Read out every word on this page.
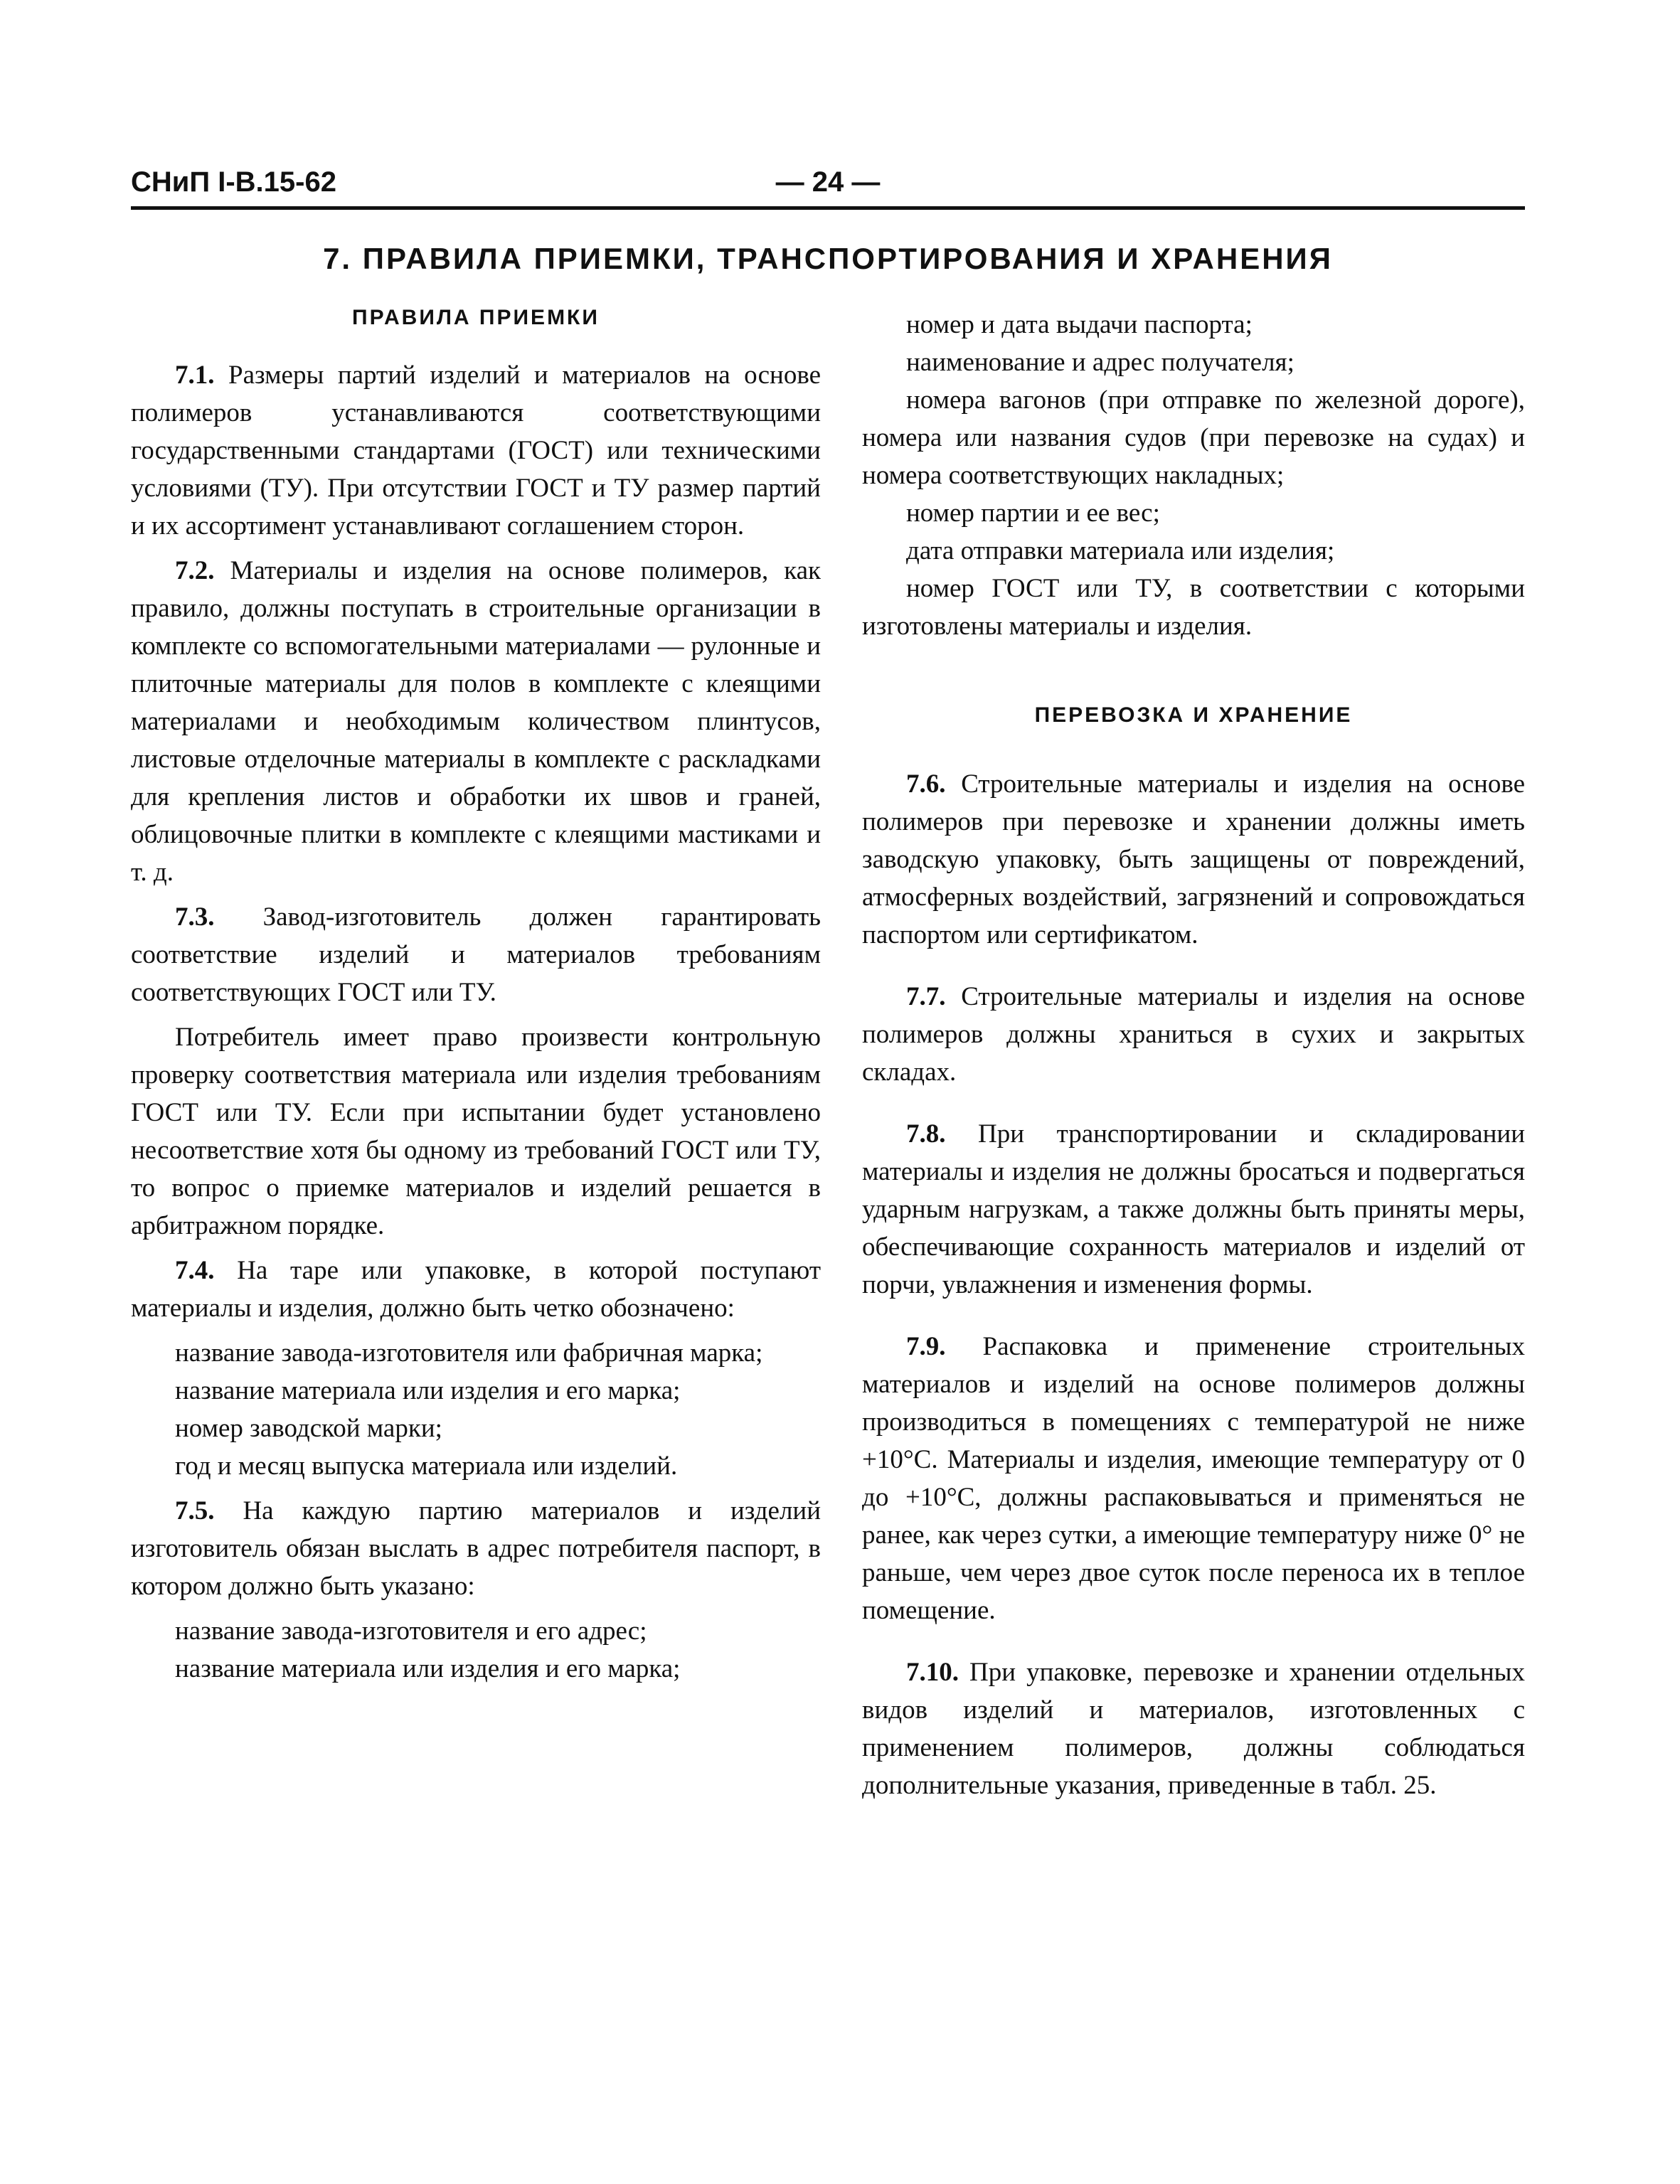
СНиП I-B.15-62	— 24 —
7. ПРАВИЛА ПРИЕМКИ, ТРАНСПОРТИРОВАНИЯ И ХРАНЕНИЯ
ПРАВИЛА ПРИЕМКИ

7.1. Размеры партий изделий и материалов на основе полимеров устанавливаются соответствующими государственными стандартами (ГОСТ) или техническими условиями (ТУ). При отсутствии ГОСТ и ТУ размер партий и их ассортимент устанавливают соглашением сторон.

7.2. Материалы и изделия на основе полимеров, как правило, должны поступать в строительные организации в комплекте со вспомогательными материалами — рулонные и плиточные материалы для полов в комплекте с клеящими материалами и необходимым количеством плинтусов, листовые отделочные материалы в комплекте с раскладками для крепления листов и обработки их швов и граней, облицовочные плитки в комплекте с клеящими мастиками и т. д.

7.3. Завод-изготовитель должен гарантировать соответствие изделий и материалов требованиям соответствующих ГОСТ или ТУ.

Потребитель имеет право произвести контрольную проверку соответствия материала или изделия требованиям ГОСТ или ТУ. Если при испытании будет установлено несоответствие хотя бы одному из требований ГОСТ или ТУ, то вопрос о приемке материалов и изделий решается в арбитражном порядке.

7.4. На таре или упаковке, в которой поступают материалы и изделия, должно быть четко обозначено:

название завода-изготовителя или фабричная марка;

название материала или изделия и его марка;

номер заводской марки;

год и месяц выпуска материала или изделий.

7.5. На каждую партию материалов и изделий изготовитель обязан выслать в адрес потребителя паспорт, в котором должно быть указано:

название завода-изготовителя и его адрес;

название материала или изделия и его марка;

номер и дата выдачи паспорта;

наименование и адрес получателя;

номера вагонов (при отправке по железной дороге), номера или названия судов (при перевозке на судах) и номера соответствующих накладных;

номер партии и ее вес;

дата отправки материала или изделия;

номер ГОСТ или ТУ, в соответствии с которыми изготовлены материалы и изделия.

ПЕРЕВОЗКА И ХРАНЕНИЕ

7.6. Строительные материалы и изделия на основе полимеров при перевозке и хранении должны иметь заводскую упаковку, быть защищены от повреждений, атмосферных воздействий, загрязнений и сопровождаться паспортом или сертификатом.

7.7. Строительные материалы и изделия на основе полимеров должны храниться в сухих и закрытых складах.

7.8. При транспортировании и складировании материалы и изделия не должны бросаться и подвергаться ударным нагрузкам, а также должны быть приняты меры, обеспечивающие сохранность материалов и изделий от порчи, увлажнения и изменения формы.

7.9. Распаковка и применение строительных материалов и изделий на основе полимеров должны производиться в помещениях с температурой не ниже +10°С. Материалы и изделия, имеющие температуру от 0 до +10°С, должны распаковываться и применяться не ранее, как через сутки, а имеющие температуру ниже 0° не раньше, чем через двое суток после переноса их в теплое помещение.

7.10. При упаковке, перевозке и хранении отдельных видов изделий и материалов, изготовленных с применением полимеров, должны соблюдаться дополнительные указания, приведенные в табл. 25.
